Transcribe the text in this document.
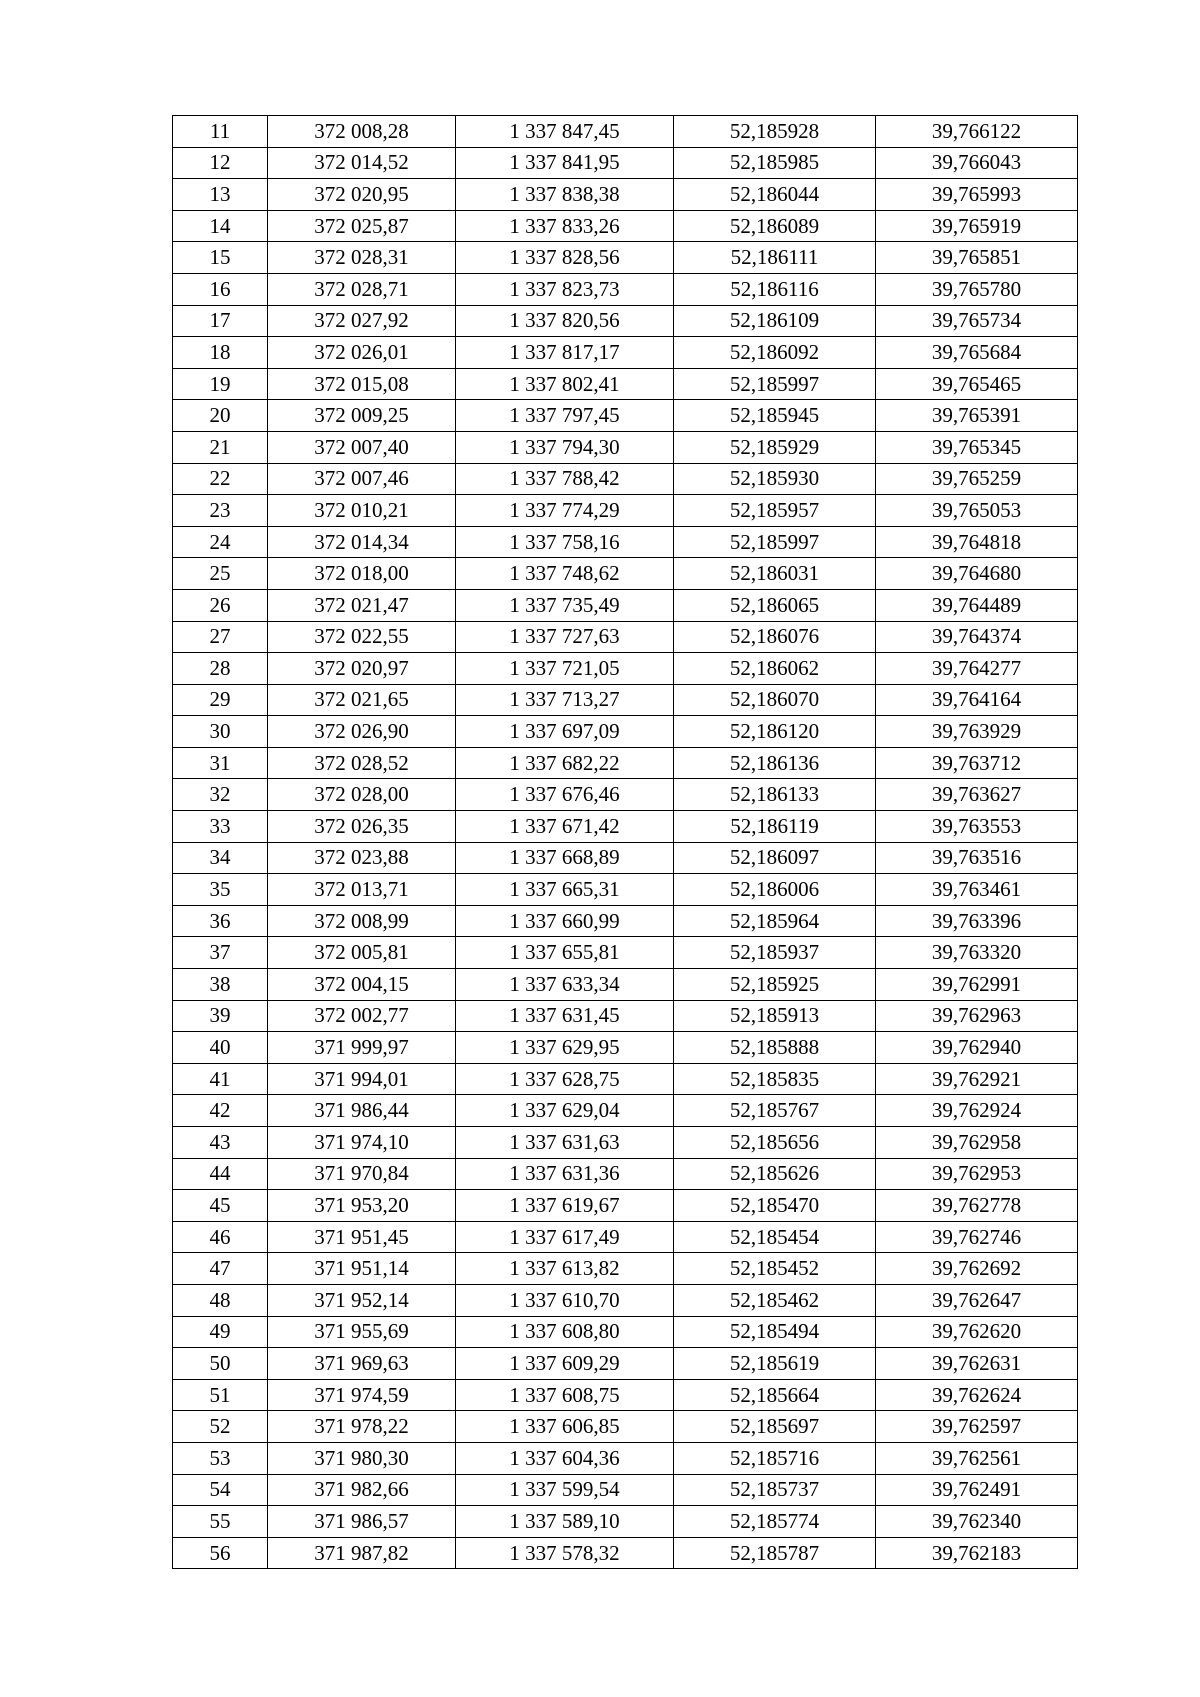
11	372 008,28	1 337 847,45	52,185928	39,766122
12	372 014,52	1 337 841,95	52,185985	39,766043
13	372 020,95	1 337 838,38	52,186044	39,765993
14	372 025,87	1 337 833,26	52,186089	39,765919
15	372 028,31	1 337 828,56	52,186111	39,765851
16	372 028,71	1 337 823,73	52,186116	39,765780
17	372 027,92	1 337 820,56	52,186109	39,765734
18	372 026,01	1 337 817,17	52,186092	39,765684
19	372 015,08	1 337 802,41	52,185997	39,765465
20	372 009,25	1 337 797,45	52,185945	39,765391
21	372 007,40	1 337 794,30	52,185929	39,765345
22	372 007,46	1 337 788,42	52,185930	39,765259
23	372 010,21	1 337 774,29	52,185957	39,765053
24	372 014,34	1 337 758,16	52,185997	39,764818
25	372 018,00	1 337 748,62	52,186031	39,764680
26	372 021,47	1 337 735,49	52,186065	39,764489
27	372 022,55	1 337 727,63	52,186076	39,764374
28	372 020,97	1 337 721,05	52,186062	39,764277
29	372 021,65	1 337 713,27	52,186070	39,764164
30	372 026,90	1 337 697,09	52,186120	39,763929
31	372 028,52	1 337 682,22	52,186136	39,763712
32	372 028,00	1 337 676,46	52,186133	39,763627
33	372 026,35	1 337 671,42	52,186119	39,763553
34	372 023,88	1 337 668,89	52,186097	39,763516
35	372 013,71	1 337 665,31	52,186006	39,763461
36	372 008,99	1 337 660,99	52,185964	39,763396
37	372 005,81	1 337 655,81	52,185937	39,763320
38	372 004,15	1 337 633,34	52,185925	39,762991
39	372 002,77	1 337 631,45	52,185913	39,762963
40	371 999,97	1 337 629,95	52,185888	39,762940
41	371 994,01	1 337 628,75	52,185835	39,762921
42	371 986,44	1 337 629,04	52,185767	39,762924
43	371 974,10	1 337 631,63	52,185656	39,762958
44	371 970,84	1 337 631,36	52,185626	39,762953
45	371 953,20	1 337 619,67	52,185470	39,762778
46	371 951,45	1 337 617,49	52,185454	39,762746
47	371 951,14	1 337 613,82	52,185452	39,762692
48	371 952,14	1 337 610,70	52,185462	39,762647
49	371 955,69	1 337 608,80	52,185494	39,762620
50	371 969,63	1 337 609,29	52,185619	39,762631
51	371 974,59	1 337 608,75	52,185664	39,762624
52	371 978,22	1 337 606,85	52,185697	39,762597
53	371 980,30	1 337 604,36	52,185716	39,762561
54	371 982,66	1 337 599,54	52,185737	39,762491
55	371 986,57	1 337 589,10	52,185774	39,762340
56	371 987,82	1 337 578,32	52,185787	39,762183
